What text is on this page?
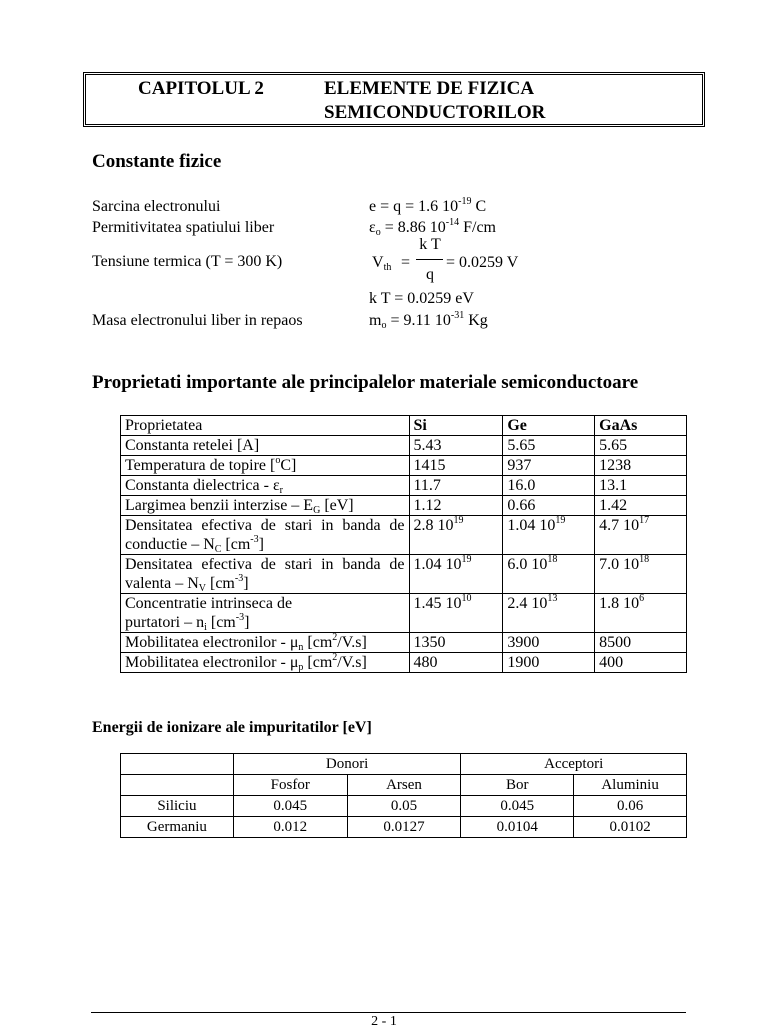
CAPITOLUL 2	ELEMENTE DE FIZICA
SEMICONDUCTORILOR
Constante fizice
Sarcina electronului	e = q = 1.6 $10^{-19}$ C
Permitivitatea spatiului liber	$\varepsilon_o = 8.86$ $10^{-14}$ F/cm
Tensiune termica (T = 300 K)	$V_{th}$ =
k T
q
= 0.0259 V
k T = 0.0259 eV
Masa electronului liber in repaos	$m_o = 9.11$ $10^{-31}$ Kg
Proprietati importante ale principalelor materiale semiconductoare
Proprietatea	Si	Ge	GaAs
Constanta retelei [A]	5.43	5.65	5.65
Temperatura de topire [$^o$C]	1415	937	1238
Constanta dielectrica - $\varepsilon_r$	11.7	16.0	13.1
Largimea benzii interzise – $E_G$ [eV]	1.12	0.66	1.42
Densitatea efectiva de stari in banda de conductie – $N_C$ $[cm^{-3}]$	2.8 $10^{19}$	1.04 $10^{19}$	4.7 $10^{17}$
Densitatea efectiva de stari in banda de valenta – $N_V$ $[cm^{-3}]$	1.04 $10^{19}$	6.0 $10^{18}$	7.0 $10^{18}$
Concentratie intrinseca de purtatori – $n_i$ $[cm^{-3}]$	1.45 $10^{10}$	2.4 $10^{13}$	1.8 $10^6$
Mobilitatea electronilor - $\mu_n$ $[cm^2/V.s]$	1350	3900	8500
Mobilitatea electronilor - $\mu_p$ $[cm^2/V.s]$	480	1900	400
Energii de ionizare ale impuritatilor [eV]
	Donori		Acceptori	
	Fosfor	Arsen	Bor	Aluminiu
Siliciu	0.045	0.05	0.045	0.06
Germaniu	0.012	0.0127	0.0104	0.0102
2 - 1
